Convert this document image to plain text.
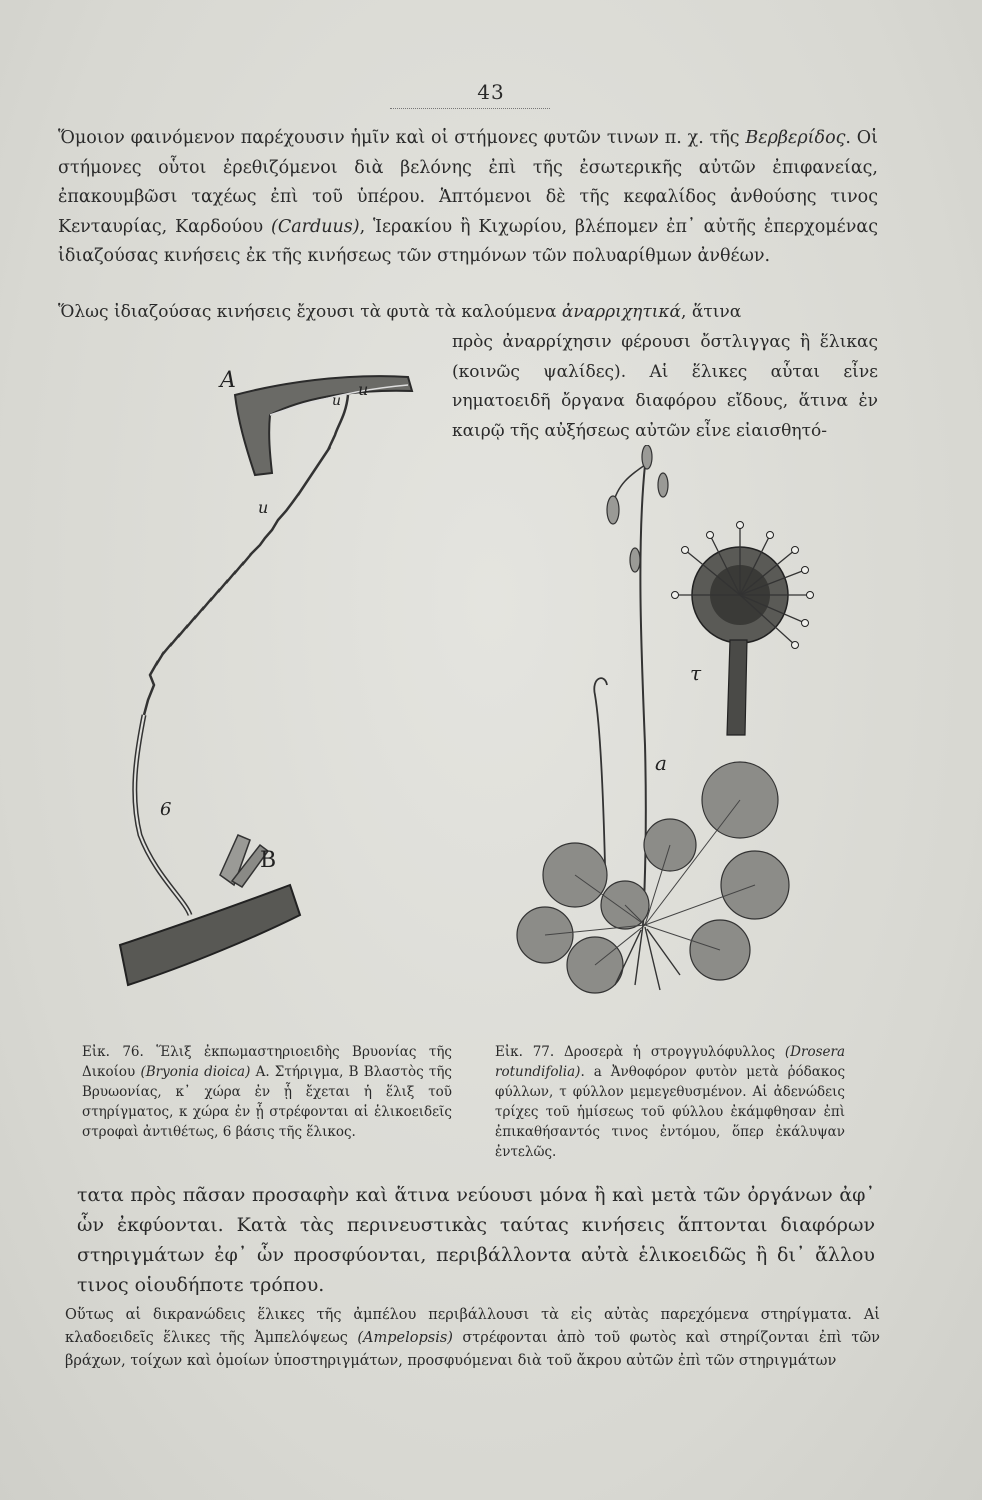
43

Ὅμοιον φαινόμενον παρέχουσιν ἡμῖν καὶ οἱ στήμονες φυτῶν τινων π. χ. τῆς Βερβερίδος. Οἱ στήμονες οὗτοι ἐρεθιζόμενοι διὰ βελόνης ἐπὶ τῆς ἐσωτερικῆς αὐτῶν ἐπιφανείας, ἐπακουμβῶσι ταχέως ἐπὶ τοῦ ὑπέρου. Ἁπτόμενοι δὲ τῆς κεφαλίδος ἀνθούσης τινος Κενταυρίας, Καρδούου (Carduus), Ἱερακίου ἢ Κιχωρίου, βλέπομεν ἐπ᾿ αὐτῆς ἐπερχομένας ἰδιαζούσας κινήσεις ἐκ τῆς κινήσεως τῶν στημόνων τῶν πολυαρίθμων ἀνθέων.

Ὅλως ἰδιαζούσας κινήσεις ἔχουσι τὰ φυτὰ τὰ καλούμενα ἀναρριχητικά, ἅτινα

πρὸς ἀναρρίχησιν φέρουσι ὄστλιγγας ἢ ἕλικας (κοινῶς ψαλίδες). Αἱ ἕλικες αὗται εἶνε νηματοειδῆ ὄργανα διαφόρου εἴδους, ἅτινα ἐν καιρῷ τῆς αὐξήσεως αὐτῶν εἶνε εἰαισθητό-

A	u
u
u
6
B
a
τ

Εἰκ. 76. Ἕλιξ ἐκπωμαστηριοειδὴς Βρυονίας τῆς Δικοίου (Bryonia dioica) A. Στήριγμα, B Βλαστὸς τῆς Βρυωονίας, κ᾿ χώρα ἐν ᾗ ἔχεται ἡ ἕλιξ τοῦ στηρίγματος, κ χώρα ἐν ᾗ στρέφονται αἱ ἑλικοειδεῖς στροφαὶ ἀντιθέτως, 6 βάσις τῆς ἕλικος.

Εἰκ. 77. Δροσερὰ ἡ στρογγυλόφυλλος (Drosera rotundifolia). a Ἀνθοφόρον φυτὸν μετὰ ῥόδακος φύλλων, τ φύλλον μεμεγεθυσμένον. Αἱ ἀδενώδεις τρίχες τοῦ ἡμίσεως τοῦ φύλλου ἐκάμφθησαν ἐπὶ ἐπικαθήσαντός τινος ἐντόμου, ὅπερ ἐκάλυψαν ἐντελῶς.

τατα πρὸς πᾶσαν προσαφὴν καὶ ἅτινα νεύουσι μόνα ἢ καὶ μετὰ τῶν ὀργάνων ἀφ᾿ ὧν ἐκφύονται. Κατὰ τὰς περινευστικὰς ταύτας κινήσεις ἅπτονται διαφόρων στηριγμάτων ἐφ᾿ ὧν προσφύονται, περιβάλλοντα αὐτὰ ἑλικοειδῶς ἢ δι᾿ ἄλλου τινος οἱουδήποτε τρόπου.

Οὕτως αἱ δικρανώδεις ἕλικες τῆς ἀμπέλου περιβάλλουσι τὰ εἰς αὐτὰς παρεχόμενα στηρίγματα. Αἱ κλαδοειδεῖς ἕλικες τῆς Ἀμπελόψεως (Ampelopsis) στρέφονται ἀπὸ τοῦ φωτὸς καὶ στηρίζονται ἐπὶ τῶν βράχων, τοίχων καὶ ὁμοίων ὑποστηριγμάτων, προσφυόμεναι διὰ τοῦ ἄκρου αὐτῶν ἐπὶ τῶν στηριγμάτων
